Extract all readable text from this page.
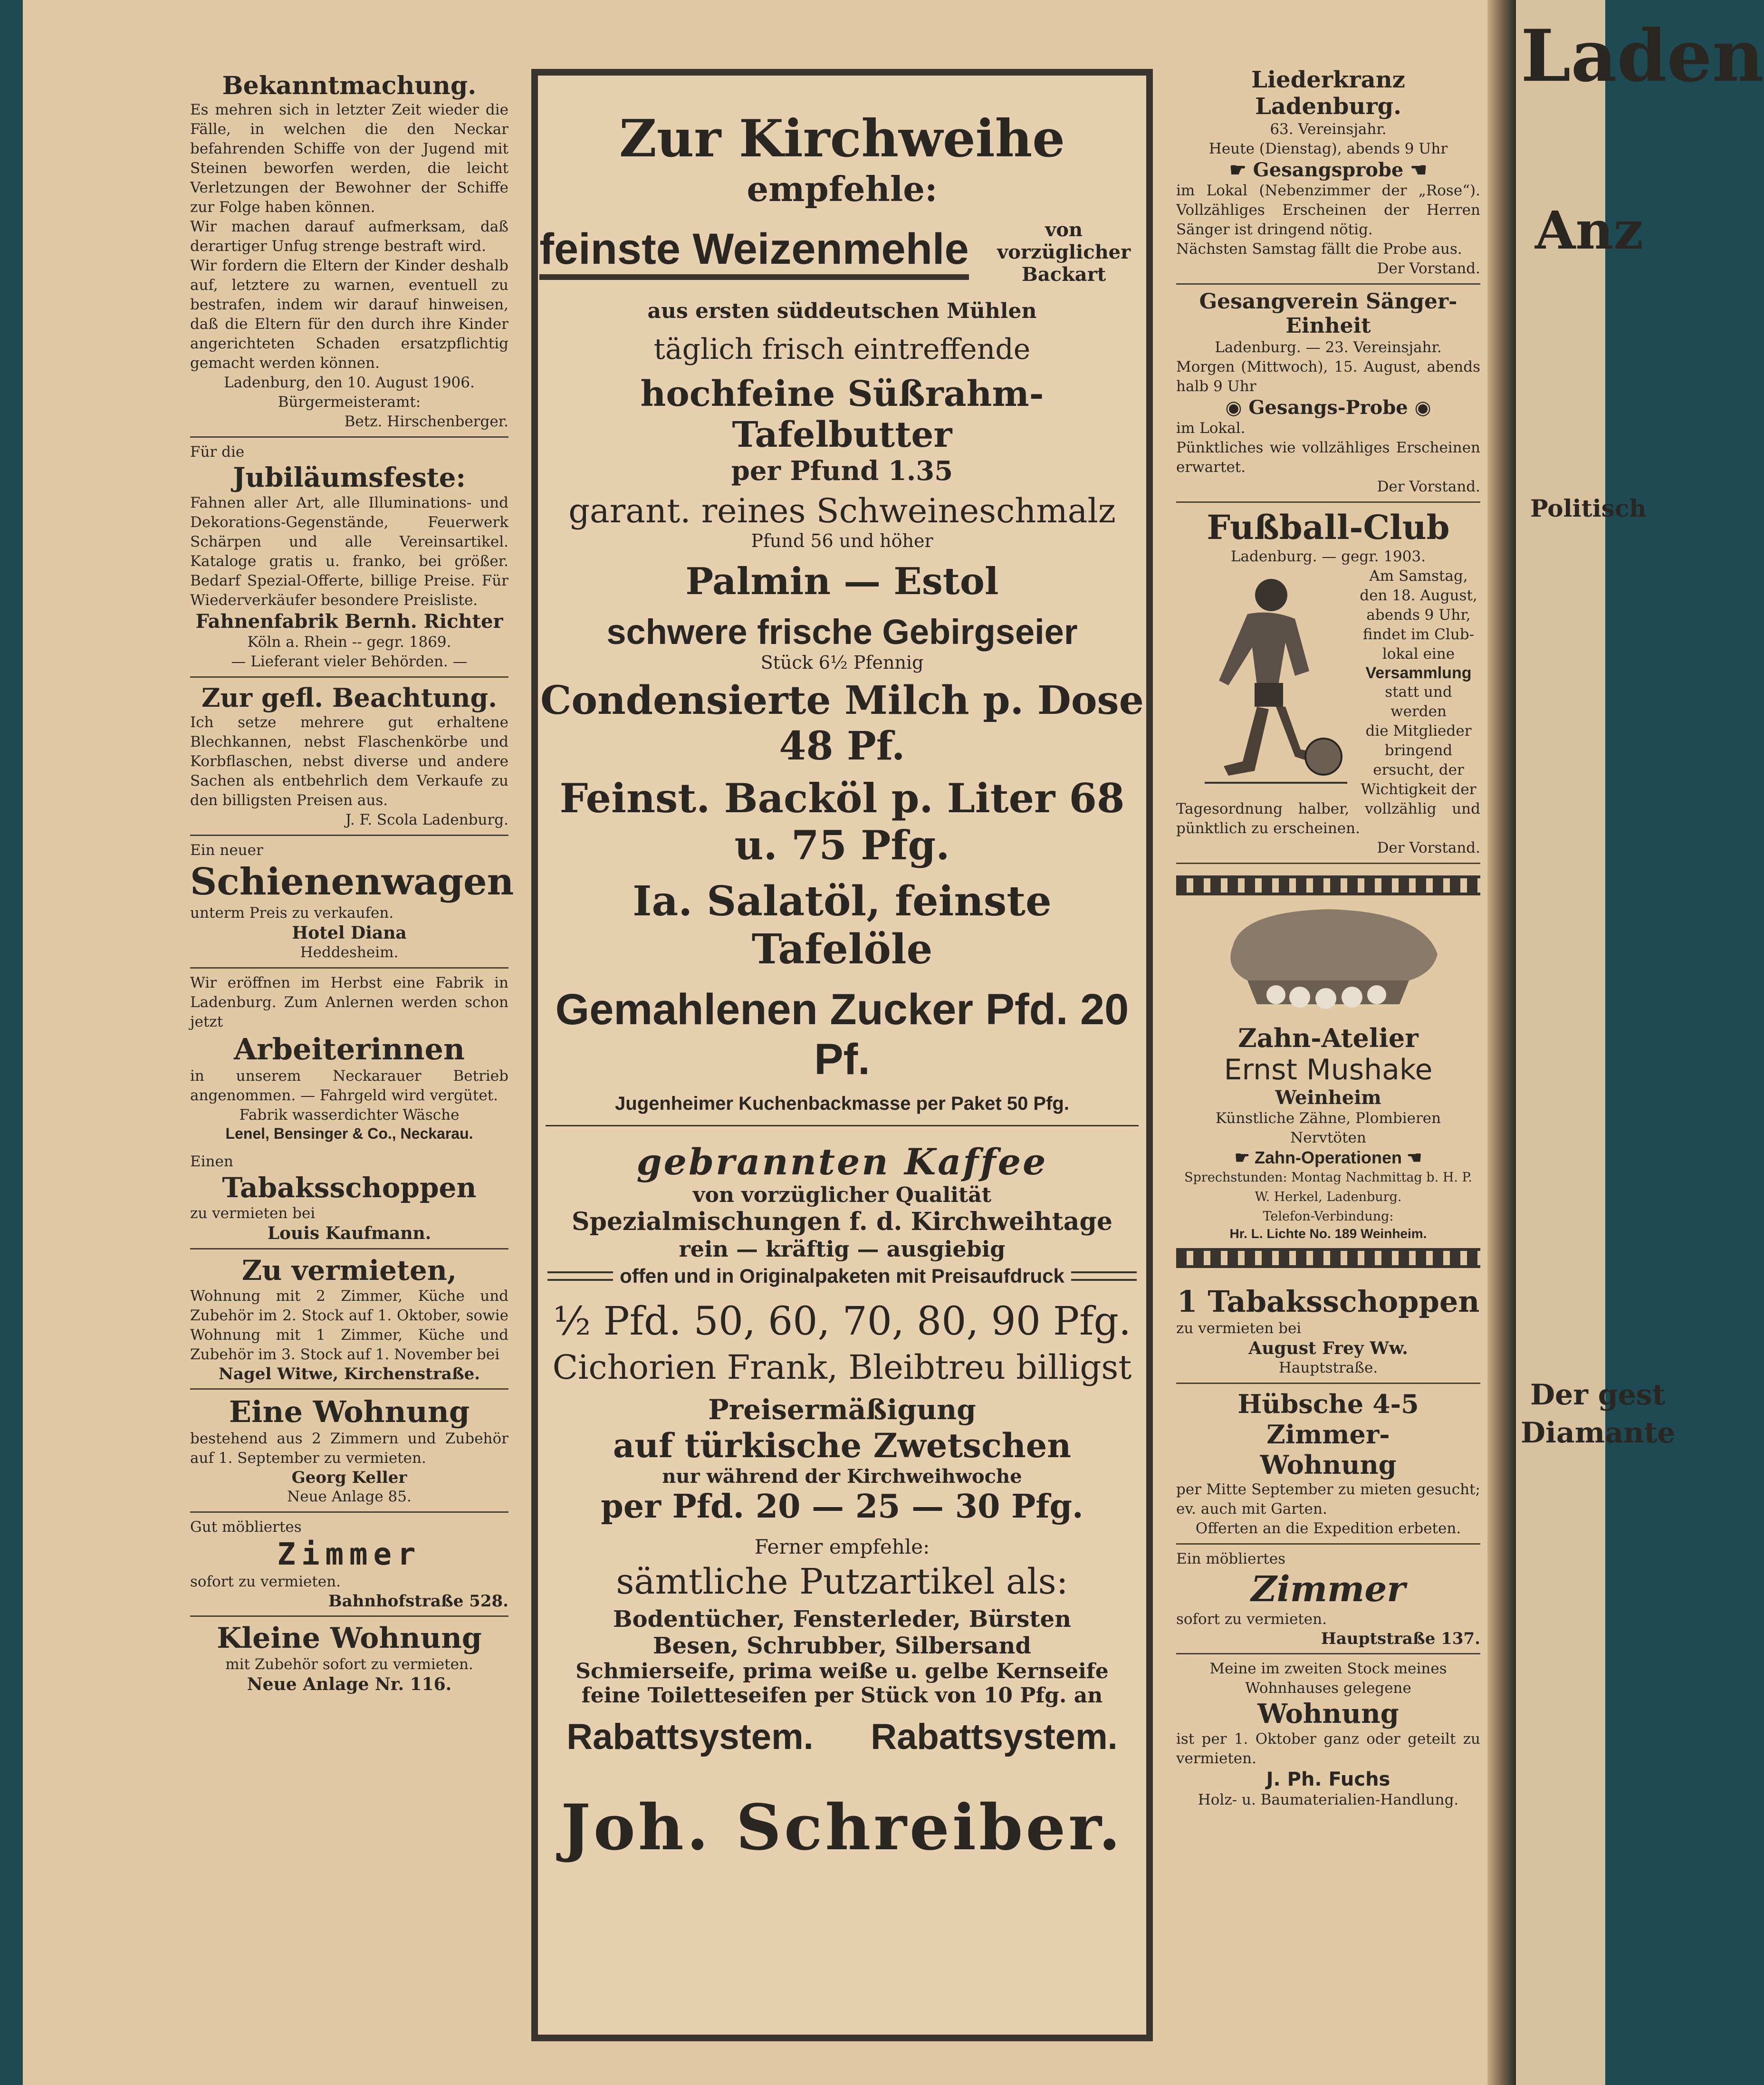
Laden
Anz
Politisch
Der gest
Diamante

Bekanntmachung.

Es mehren sich in letzter Zeit wieder die Fälle, in welchen die den Neckar befahrenden Schiffe von der Jugend mit Steinen beworfen werden, die leicht Verletzungen der Bewohner der Schiffe zur Folge haben können.

Wir machen darauf aufmerksam, daß derartiger Unfug strenge bestraft wird.

Wir fordern die Eltern der Kinder deshalb auf, letztere zu warnen, eventuell zu bestrafen, indem wir darauf hinweisen, daß die Eltern für den durch ihre Kinder angerichteten Schaden ersatzpflichtig gemacht werden können.

Ladenburg, den 10. August 1906.

Bürgermeisteramt:

Betz. Hirschenberger.

Für die

Jubiläumsfeste:

Fahnen aller Art, alle Illuminations- und Dekorations-Gegenstände, Feuerwerk Schärpen und alle Vereinsartikel. Kataloge gratis u. franko, bei größer. Bedarf Spezial-Offerte, billige Preise. Für Wiederverkäufer besondere Preisliste.

Fahnenfabrik Bernh. Richter

Köln a. Rhein -- gegr. 1869.

— Lieferant vieler Behörden. —

Zur gefl. Beachtung.

Ich setze mehrere gut erhaltene Blechkannen, nebst Flaschenkörbe und Korbflaschen, nebst diverse und andere Sachen als entbehrlich dem Verkaufe zu den billigsten Preisen aus.

J. F. Scola Ladenburg.

Ein neuer

Schienenwagen

unterm Preis zu verkaufen.

Hotel Diana

Heddesheim.

Wir eröffnen im Herbst eine Fabrik in Ladenburg. Zum Anlernen werden schon jetzt

Arbeiterinnen

in unserem Neckarauer Betrieb angenommen. — Fahrgeld wird vergütet.

Fabrik wasserdichter Wäsche

Lenel, Bensinger & Co., Neckarau.

Einen

Tabaksschoppen

zu vermieten bei

Louis Kaufmann.

Zu vermieten,

Wohnung mit 2 Zimmer, Küche und Zubehör im 2. Stock auf 1. Oktober, sowie Wohnung mit 1 Zimmer, Küche und Zubehör im 3. Stock auf 1. November bei

Nagel Witwe, Kirchenstraße.

Eine Wohnung

bestehend aus 2 Zimmern und Zubehör auf 1. September zu vermieten.

Georg Keller

Neue Anlage 85.

Gut möbliertes

Zimmer

sofort zu vermieten.

Bahnhofstraße 528.

Kleine Wohnung

mit Zubehör sofort zu vermieten.

Neue Anlage Nr. 116.

Zur Kirchweihe empfehle:

feinste Weizenmehle	von vorzüglicher Backart

aus ersten süddeutschen Mühlen

täglich frisch eintreffende

hochfeine Süßrahm-Tafelbutter

per Pfund 1.35

garant. reines Schweineschmalz

Pfund 56 und höher

Palmin — Estol

schwere frische Gebirgseier

Stück 6½ Pfennig

Condensierte Milch p. Dose 48 Pf.

Feinst. Backöl p. Liter 68 u. 75 Pfg.

Ia. Salatöl, feinste Tafelöle

Gemahlenen Zucker Pfd. 20 Pf.

Jugenheimer Kuchenbackmasse per Paket 50 Pfg.

gebrannten Kaffee

von vorzüglicher Qualität

Spezialmischungen f. d. Kirchweihtage

rein — kräftig — ausgiebig

offen und in Originalpaketen mit Preisaufdruck

½ Pfd. 50, 60, 70, 80, 90 Pfg.

Cichorien Frank, Bleibtreu billigst

Preisermäßigung

auf türkische Zwetschen

nur während der Kirchweihwoche

per Pfd. 20 — 25 — 30 Pfg.

Ferner empfehle:

sämtliche Putzartikel als:

Bodentücher, Fensterleder, Bürsten

Besen, Schrubber, Silbersand

Schmierseife, prima weiße u. gelbe Kernseife

feine Toiletteseifen per Stück von 10 Pfg. an

Rabattsystem. Rabattsystem.

Joh. Schreiber.

Liederkranz Ladenburg.

63. Vereinsjahr.

Heute (Dienstag), abends 9 Uhr

☛ Gesangsprobe ☚

im Lokal (Nebenzimmer der „Rose“). Vollzähliges Erscheinen der Herren Sänger ist dringend nötig.

Nächsten Samstag fällt die Probe aus.

Der Vorstand.

Gesangverein Sänger-Einheit

Ladenburg. — 23. Vereinsjahr.

Morgen (Mittwoch), 15. August, abends halb 9 Uhr

◉ Gesangs-Probe ◉

im Lokal.

Pünktliches wie vollzähliges Erscheinen erwartet.

Der Vorstand.

Fußball-Club

Ladenburg. — gegr. 1903.

Am Samstag,

den 18. August,

abends 9 Uhr,

findet im Club-

lokal eine

Versammlung

statt und werden

die Mitglieder

bringend

ersucht, der

Wichtigkeit der

Tagesordnung halber, vollzählig und pünktlich zu erscheinen.

Der Vorstand.

Zahn-Atelier

Ernst Mushake

Weinheim

Künstliche Zähne, Plombieren

Nervtöten

☛ Zahn-Operationen ☚

Sprechstunden: Montag Nachmittag b. H. P. W. Herkel, Ladenburg.

Telefon-Verbindung:

Hr. L. Lichte No. 189 Weinheim.

1 Tabaksschoppen

zu vermieten bei

August Frey Ww.

Hauptstraße.

Hübsche 4-5 Zimmer-

Wohnung

per Mitte September zu mieten gesucht; ev. auch mit Garten.

Offerten an die Expedition erbeten.

Ein möbliertes

Zimmer

sofort zu vermieten.

Hauptstraße 137.

Meine im zweiten Stock meines Wohnhauses gelegene

Wohnung

ist per 1. Oktober ganz oder geteilt zu vermieten.

J. Ph. Fuchs

Holz- u. Baumaterialien-Handlung.
